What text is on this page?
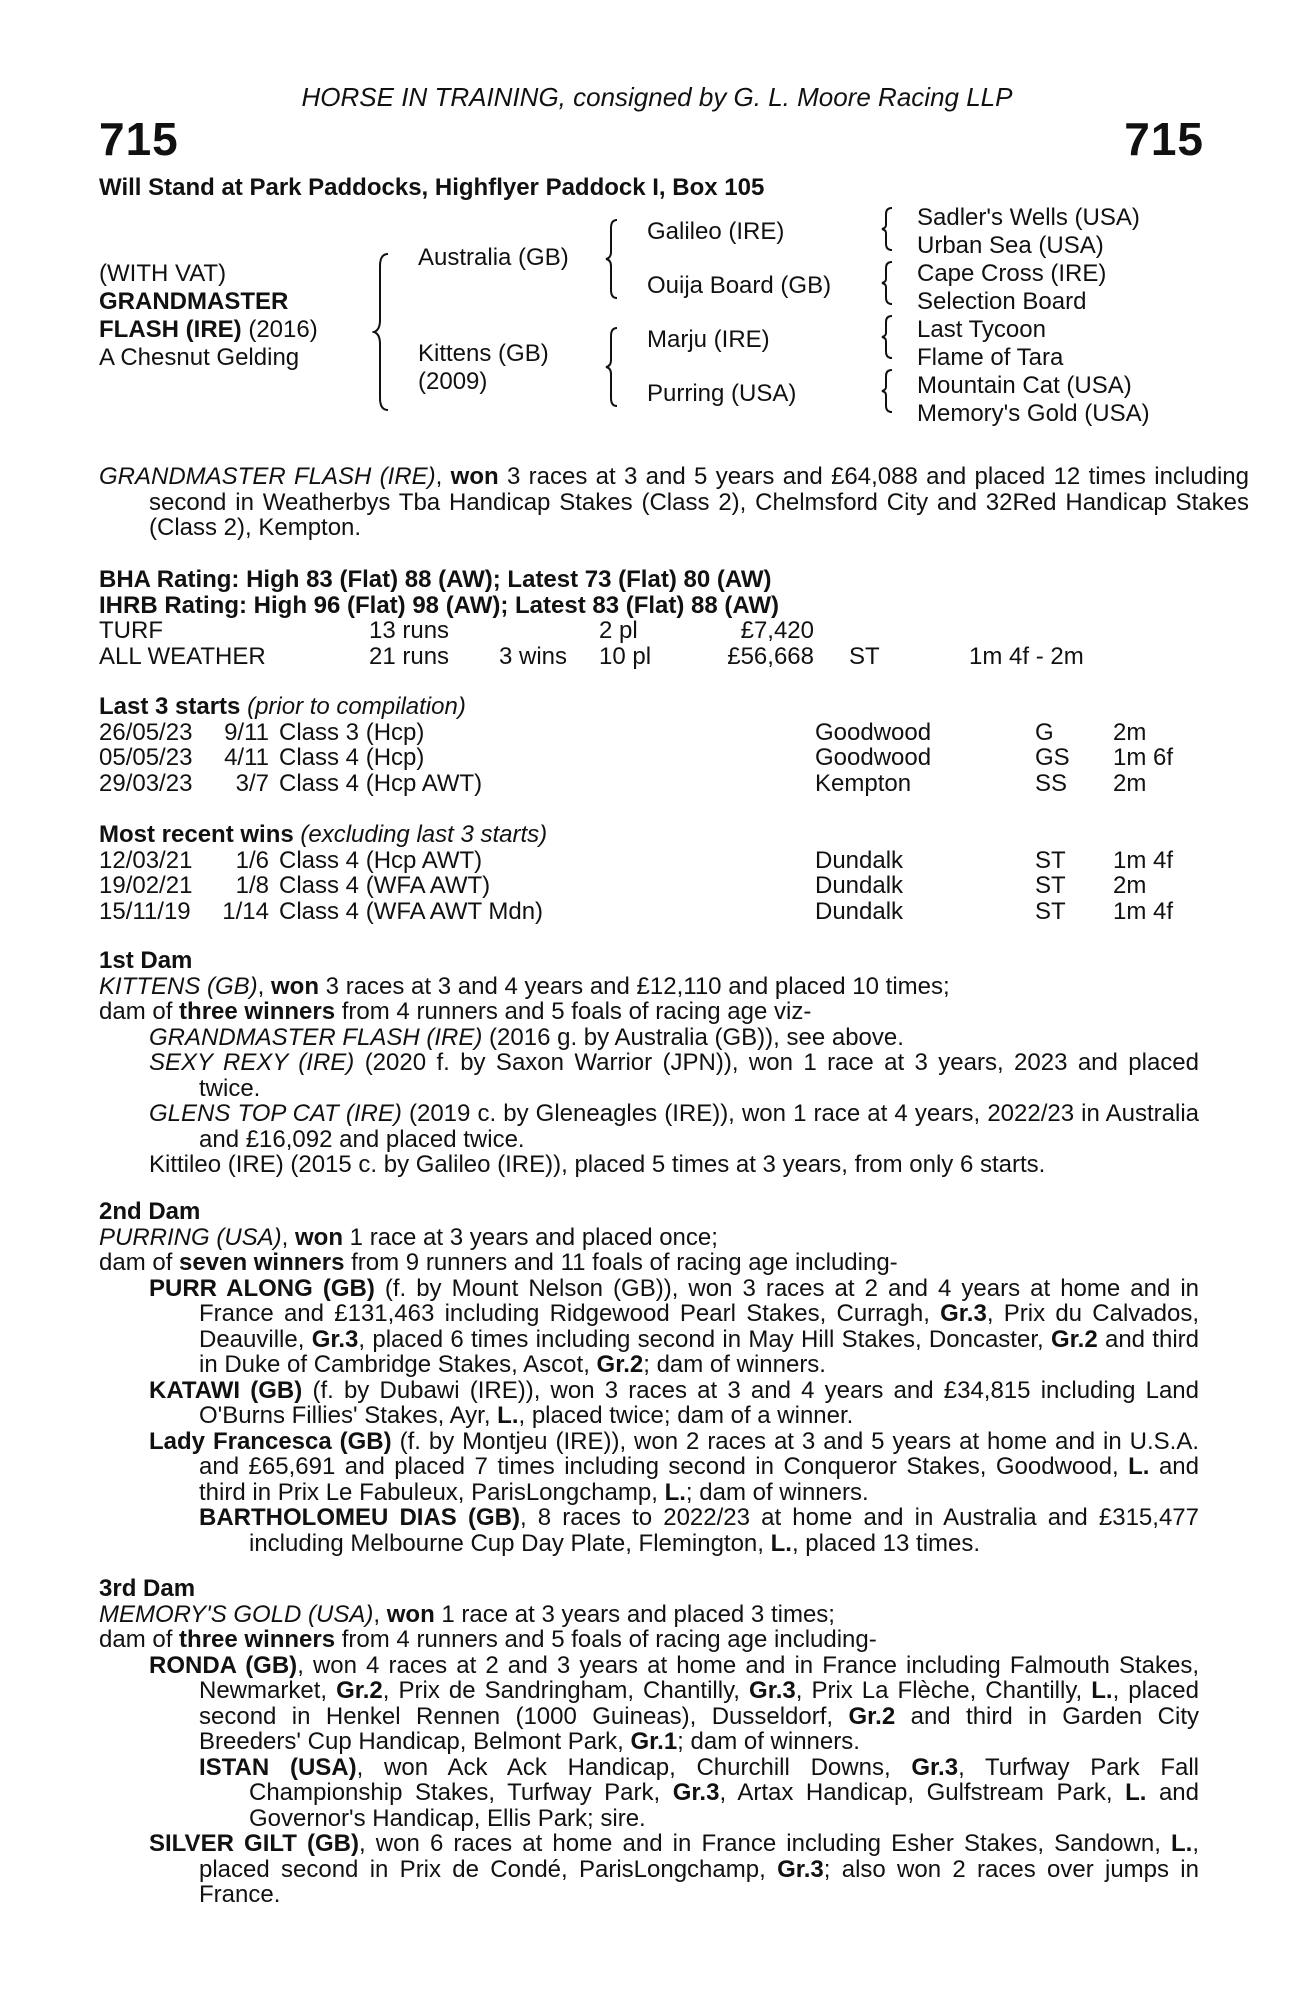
HORSE IN TRAINING, consigned by G. L. Moore Racing LLP
715	715
Will Stand at Park Paddocks, Highflyer Paddock I, Box 105
(WITH VAT)
GRANDMASTER
FLASH (IRE) (2016)
A Chesnut Gelding
Australia (GB)
Kittens (GB)
(2009)
Galileo (IRE)
Ouija Board (GB)
Marju (IRE)
Purring (USA)
Sadler's Wells (USA)
Urban Sea (USA)
Cape Cross (IRE)
Selection Board
Last Tycoon
Flame of Tara
Mountain Cat (USA)
Memory's Gold (USA)
GRANDMASTER FLASH (IRE), won 3 races at 3 and 5 years and £64,088 and placed 12 times including second in Weatherbys Tba Handicap Stakes (Class 2), Chelmsford City and 32Red Handicap Stakes (Class 2), Kempton.
BHA Rating: High 83 (Flat) 88 (AW); Latest 73 (Flat) 80 (AW)
IHRB Rating: High 96 (Flat) 98 (AW); Latest 83 (Flat) 88 (AW)
TURF	13 runs	2 pl	£7,420
ALL WEATHER	21 runs	3 wins	10 pl	£56,668 ST	1m 4f - 2m
Last 3 starts (prior to compilation)
26/05/23	9/11 Class 3 (Hcp)	Goodwood	G	2m
05/05/23	4/11 Class 4 (Hcp)	Goodwood	GS	1m 6f
29/03/23	3/7 Class 4 (Hcp AWT)	Kempton	SS	2m
Most recent wins (excluding last 3 starts)
12/03/21	1/6 Class 4 (Hcp AWT)	Dundalk	ST	1m 4f
19/02/21	1/8 Class 4 (WFA AWT)	Dundalk	ST	2m
15/11/19	1/14 Class 4 (WFA AWT Mdn)	Dundalk	ST	1m 4f
1st Dam
KITTENS (GB), won 3 races at 3 and 4 years and £12,110 and placed 10 times;
dam of three winners from 4 runners and 5 foals of racing age viz-
GRANDMASTER FLASH (IRE) (2016 g. by Australia (GB)), see above.
SEXY REXY (IRE) (2020 f. by Saxon Warrior (JPN)), won 1 race at 3 years, 2023 and placed twice.
GLENS TOP CAT (IRE) (2019 c. by Gleneagles (IRE)), won 1 race at 4 years, 2022/23 in Australia and £16,092 and placed twice.
Kittileo (IRE) (2015 c. by Galileo (IRE)), placed 5 times at 3 years, from only 6 starts.
2nd Dam
PURRING (USA), won 1 race at 3 years and placed once;
dam of seven winners from 9 runners and 11 foals of racing age including-
PURR ALONG (GB) (f. by Mount Nelson (GB)), won 3 races at 2 and 4 years at home and in France and £131,463 including Ridgewood Pearl Stakes, Curragh, Gr.3, Prix du Calvados, Deauville, Gr.3, placed 6 times including second in May Hill Stakes, Doncaster, Gr.2 and third in Duke of Cambridge Stakes, Ascot, Gr.2; dam of winners.
KATAWI (GB) (f. by Dubawi (IRE)), won 3 races at 3 and 4 years and £34,815 including Land O'Burns Fillies' Stakes, Ayr, L., placed twice; dam of a winner.
Lady Francesca (GB) (f. by Montjeu (IRE)), won 2 races at 3 and 5 years at home and in U.S.A. and £65,691 and placed 7 times including second in Conqueror Stakes, Goodwood, L. and third in Prix Le Fabuleux, ParisLongchamp, L.; dam of winners.
BARTHOLOMEU DIAS (GB), 8 races to 2022/23 at home and in Australia and £315,477 including Melbourne Cup Day Plate, Flemington, L., placed 13 times.
3rd Dam
MEMORY'S GOLD (USA), won 1 race at 3 years and placed 3 times;
dam of three winners from 4 runners and 5 foals of racing age including-
RONDA (GB), won 4 races at 2 and 3 years at home and in France including Falmouth Stakes, Newmarket, Gr.2, Prix de Sandringham, Chantilly, Gr.3, Prix La Flèche, Chantilly, L., placed second in Henkel Rennen (1000 Guineas), Dusseldorf, Gr.2 and third in Garden City Breeders' Cup Handicap, Belmont Park, Gr.1; dam of winners.
ISTAN (USA), won Ack Ack Handicap, Churchill Downs, Gr.3, Turfway Park Fall Championship Stakes, Turfway Park, Gr.3, Artax Handicap, Gulfstream Park, L. and Governor's Handicap, Ellis Park; sire.
SILVER GILT (GB), won 6 races at home and in France including Esher Stakes, Sandown, L., placed second in Prix de Condé, ParisLongchamp, Gr.3; also won 2 races over jumps in France.
